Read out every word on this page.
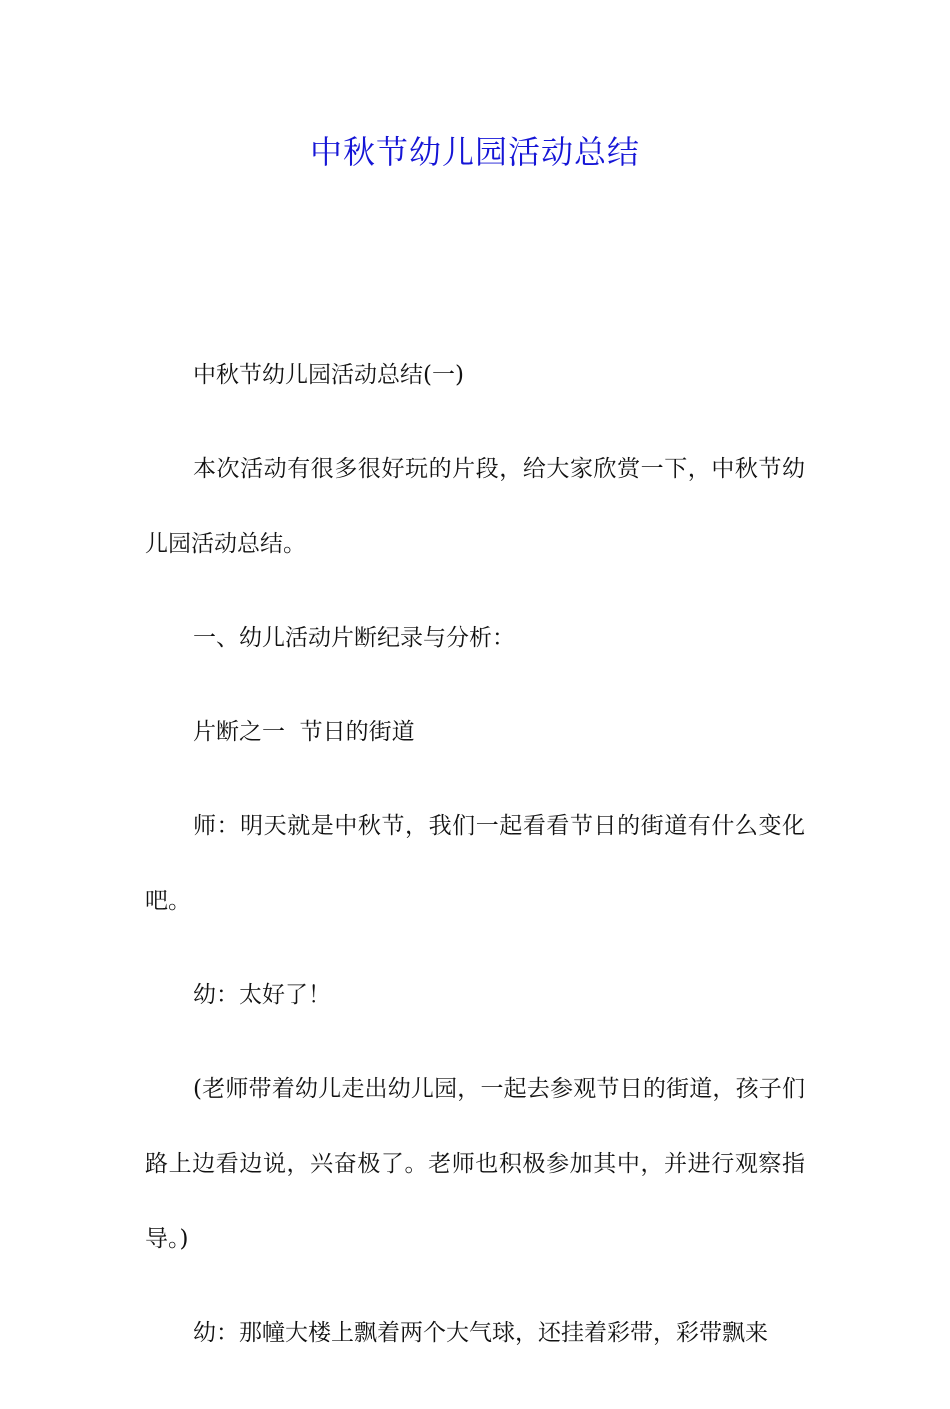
中秋节幼儿园活动总结

中秋节幼儿园活动总结(一)

本次活动有很多很好玩的片段，给大家欣赏一下，中秋节幼儿园活动总结。

一、幼儿活动片断纪录与分析：

片断之一  节日的街道

师：明天就是中秋节，我们一起看看节日的街道有什么变化吧。

幼：太好了！

(老师带着幼儿走出幼儿园，一起去参观节日的街道，孩子们路上边看边说，兴奋极了。老师也积极参加其中，并进行观察指导。)

幼：那幢大楼上飘着两个大气球，还挂着彩带，彩带飘来
